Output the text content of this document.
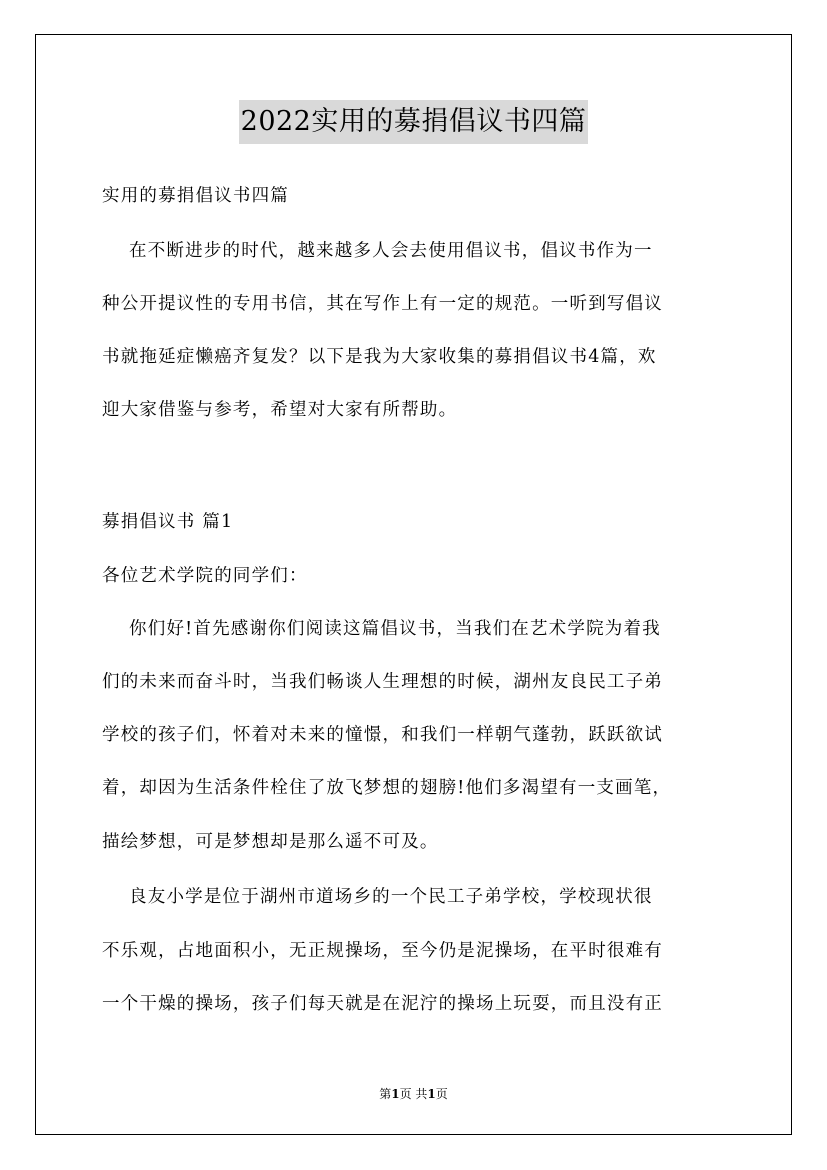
2022实用的募捐倡议书四篇
实用的募捐倡议书四篇
在不断进步的时代，越来越多人会去使用倡议书，倡议书作为一
种公开提议性的专用书信，其在写作上有一定的规范。一听到写倡议
书就拖延症懒癌齐复发？以下是我为大家收集的募捐倡议书4篇，欢
迎大家借鉴与参考，希望对大家有所帮助。
募捐倡议书 篇1
各位艺术学院的同学们：
你们好!首先感谢你们阅读这篇倡议书，当我们在艺术学院为着我
们的未来而奋斗时，当我们畅谈人生理想的时候，湖州友良民工子弟
学校的孩子们，怀着对未来的憧憬，和我们一样朝气蓬勃，跃跃欲试
着，却因为生活条件栓住了放飞梦想的翅膀!他们多渴望有一支画笔，
描绘梦想，可是梦想却是那么遥不可及。
良友小学是位于湖州市道场乡的一个民工子弟学校，学校现状很
不乐观，占地面积小，无正规操场，至今仍是泥操场，在平时很难有
一个干燥的操场，孩子们每天就是在泥泞的操场上玩耍，而且没有正
第1页 共1页
